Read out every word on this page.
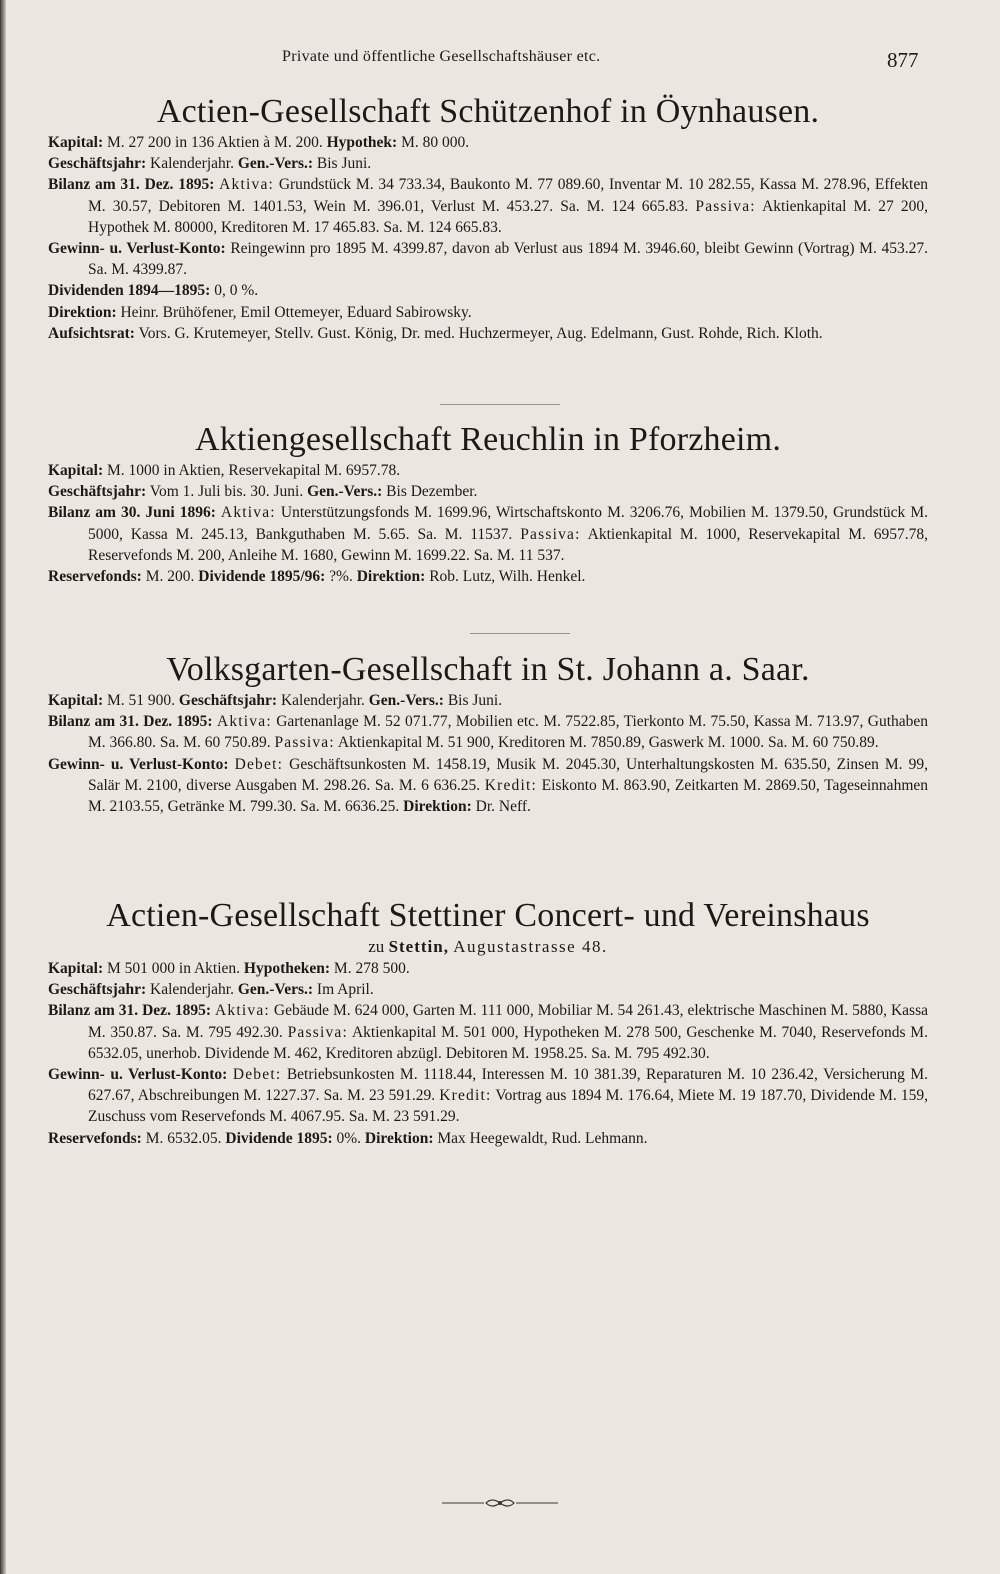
Private und öffentliche Gesellschaftshäuser etc.	877
Actien-Gesellschaft Schützenhof in Öynhausen.

Kapital: M. 27 200 in 136 Aktien à M. 200. Hypothek: M. 80 000.

Geschäftsjahr: Kalenderjahr. Gen.-Vers.: Bis Juni.

Bilanz am 31. Dez. 1895: Aktiva: Grundstück M. 34 733.34, Baukonto M. 77 089.60, Inventar M. 10 282.55, Kassa M. 278.96, Effekten M. 30.57, Debitoren M. 1401.53, Wein M. 396.01, Verlust M. 453.27. Sa. M. 124 665.83. Passiva: Aktienkapital M. 27 200, Hypothek M. 80000, Kreditoren M. 17 465.83. Sa. M. 124 665.83.

Gewinn- u. Verlust-Konto: Reingewinn pro 1895 M. 4399.87, davon ab Verlust aus 1894 M. 3946.60, bleibt Gewinn (Vortrag) M. 453.27. Sa. M. 4399.87.

Dividenden 1894—1895: 0, 0 %.

Direktion: Heinr. Brühöfener, Emil Ottemeyer, Eduard Sabirowsky.

Aufsichtsrat: Vors. G. Krutemeyer, Stellv. Gust. König, Dr. med. Huchzermeyer, Aug. Edelmann, Gust. Rohde, Rich. Kloth.

Aktiengesellschaft Reuchlin in Pforzheim.

Kapital: M. 1000 in Aktien, Reservekapital M. 6957.78.

Geschäftsjahr: Vom 1. Juli bis. 30. Juni. Gen.-Vers.: Bis Dezember.

Bilanz am 30. Juni 1896: Aktiva: Unterstützungsfonds M. 1699.96, Wirtschaftskonto M. 3206.76, Mobilien M. 1379.50, Grundstück M. 5000, Kassa M. 245.13, Bankguthaben M. 5.65. Sa. M. 11537. Passiva: Aktienkapital M. 1000, Reservekapital M. 6957.78, Reservefonds M. 200, Anleihe M. 1680, Gewinn M. 1699.22. Sa. M. 11 537.

Reservefonds: M. 200. Dividende 1895/96: ?%. Direktion: Rob. Lutz, Wilh. Henkel.

Volksgarten-Gesellschaft in St. Johann a. Saar.

Kapital: M. 51 900. Geschäftsjahr: Kalenderjahr. Gen.-Vers.: Bis Juni.

Bilanz am 31. Dez. 1895: Aktiva: Gartenanlage M. 52 071.77, Mobilien etc. M. 7522.85, Tierkonto M. 75.50, Kassa M. 713.97, Guthaben M. 366.80. Sa. M. 60 750.89. Passiva: Aktienkapital M. 51 900, Kreditoren M. 7850.89, Gaswerk M. 1000. Sa. M. 60 750.89.

Gewinn- u. Verlust-Konto: Debet: Geschäftsunkosten M. 1458.19, Musik M. 2045.30, Unterhaltungskosten M. 635.50, Zinsen M. 99, Salär M. 2100, diverse Ausgaben M. 298.26. Sa. M. 6 636.25. Kredit: Eiskonto M. 863.90, Zeitkarten M. 2869.50, Tageseinnahmen M. 2103.55, Getränke M. 799.30. Sa. M. 6636.25. Direktion: Dr. Neff.

Actien-Gesellschaft Stettiner Concert- und Vereinshaus
zu Stettin, Augustastrasse 48.

Kapital: M 501 000 in Aktien. Hypotheken: M. 278 500.

Geschäftsjahr: Kalenderjahr. Gen.-Vers.: Im April.

Bilanz am 31. Dez. 1895: Aktiva: Gebäude M. 624 000, Garten M. 111 000, Mobiliar M. 54 261.43, elektrische Maschinen M. 5880, Kassa M. 350.87. Sa. M. 795 492.30. Passiva: Aktienkapital M. 501 000, Hypotheken M. 278 500, Geschenke M. 7040, Reservefonds M. 6532.05, unerhob. Dividende M. 462, Kreditoren abzügl. Debitoren M. 1958.25. Sa. M. 795 492.30.

Gewinn- u. Verlust-Konto: Debet: Betriebsunkosten M. 1118.44, Interessen M. 10 381.39, Reparaturen M. 10 236.42, Versicherung M. 627.67, Abschreibungen M. 1227.37. Sa. M. 23 591.29. Kredit: Vortrag aus 1894 M. 176.64, Miete M. 19 187.70, Dividende M. 159, Zuschuss vom Reservefonds M. 4067.95. Sa. M. 23 591.29.

Reservefonds: M. 6532.05. Dividende 1895: 0%. Direktion: Max Heegewaldt, Rud. Lehmann.
